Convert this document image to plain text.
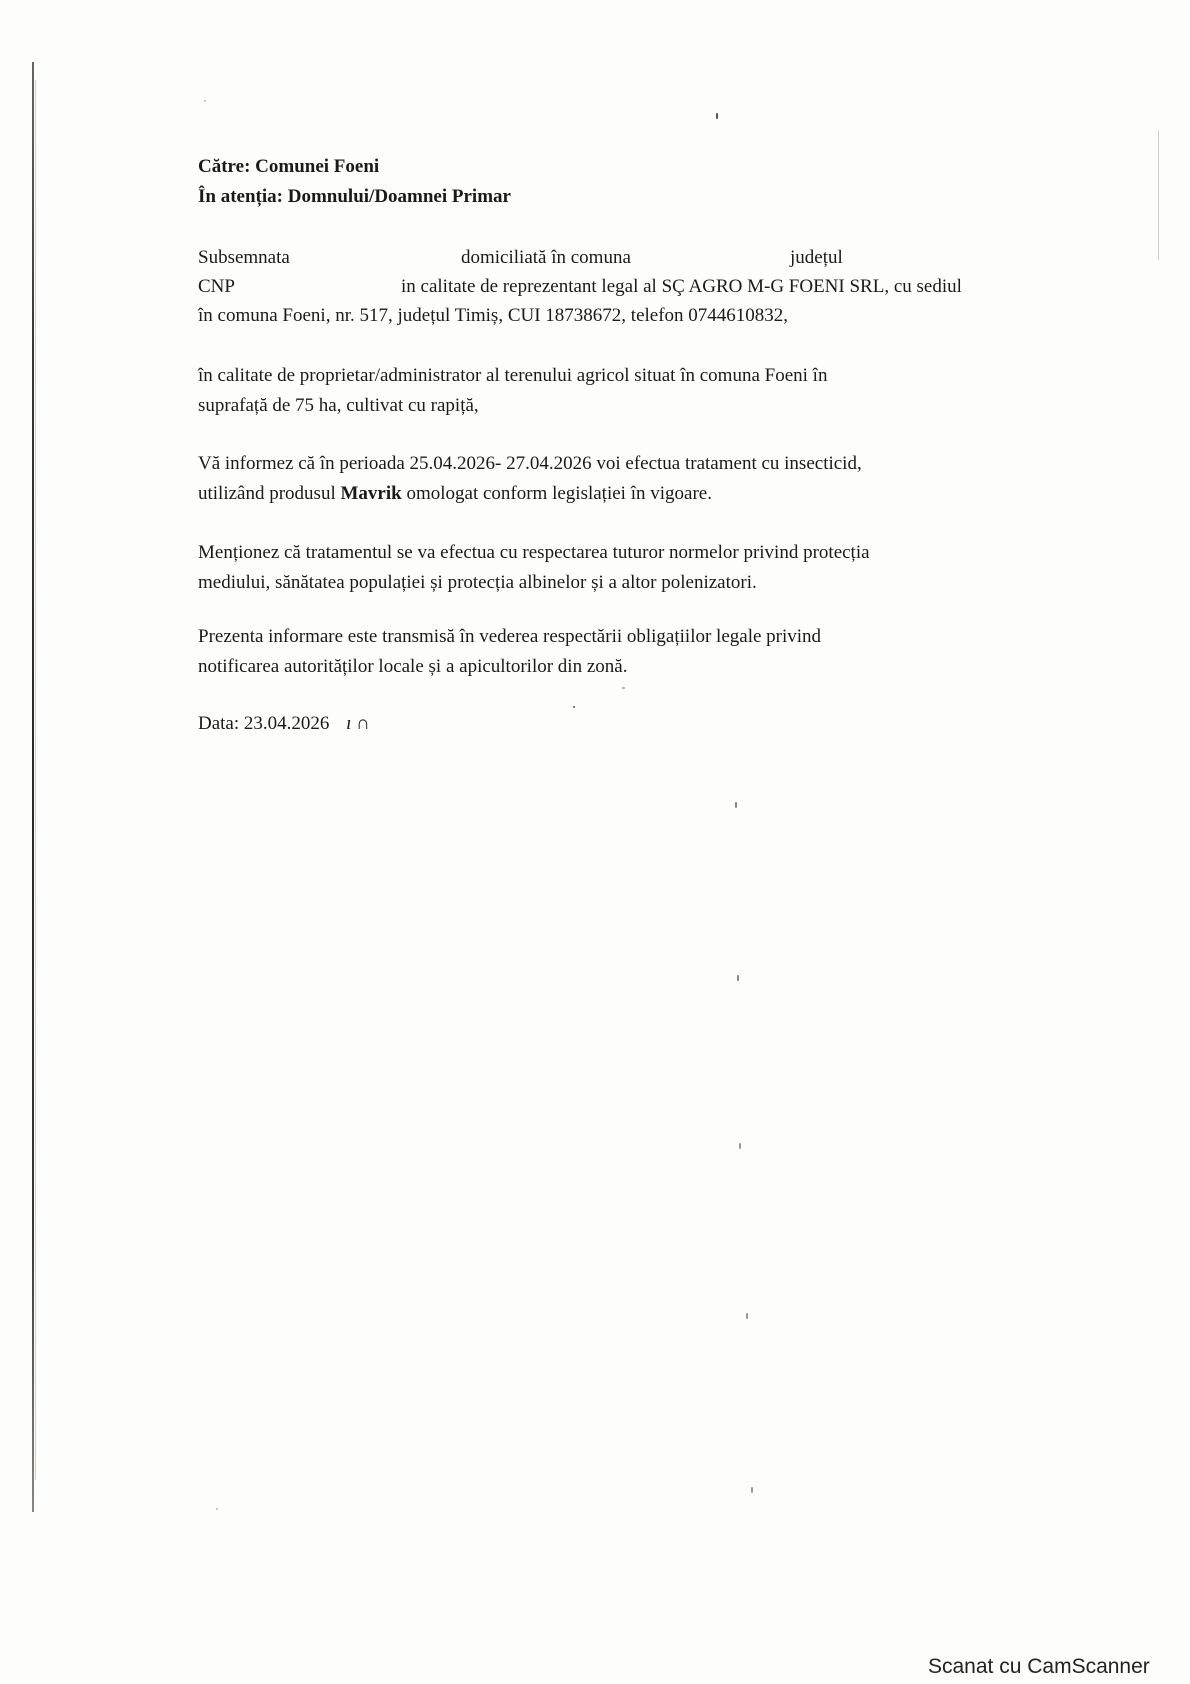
Către: Comunei Foeni
În atenția: Domnului/Doamnei Primar
Subsemnata	domiciliată în comuna	județul
CNP	in calitate de reprezentant legal al SÇ AGRO M-G FOENI SRL, cu sediul
în comuna Foeni, nr. 517, județul Timiș, CUI 18738672, telefon 0744610832,
în calitate de proprietar/administrator al terenului agricol situat în comuna Foeni în
suprafață de 75 ha, cultivat cu rapiță,
Vă informez că în perioada 25.04.2026- 27.04.2026 voi efectua tratament cu insecticid,
utilizând produsul Mavrik omologat conform legislației în vigoare.
Menționez că tratamentul se va efectua cu respectarea tuturor normelor privind protecția
mediului, sănătatea populației și protecția albinelor și a altor polenizatori.
Prezenta informare este transmisă în vederea respectării obligațiilor legale privind
notificarea autorităților locale și a apicultorilor din zonă.
Data: 23.04.2026 ı ∩
Scanat cu CamScanner
